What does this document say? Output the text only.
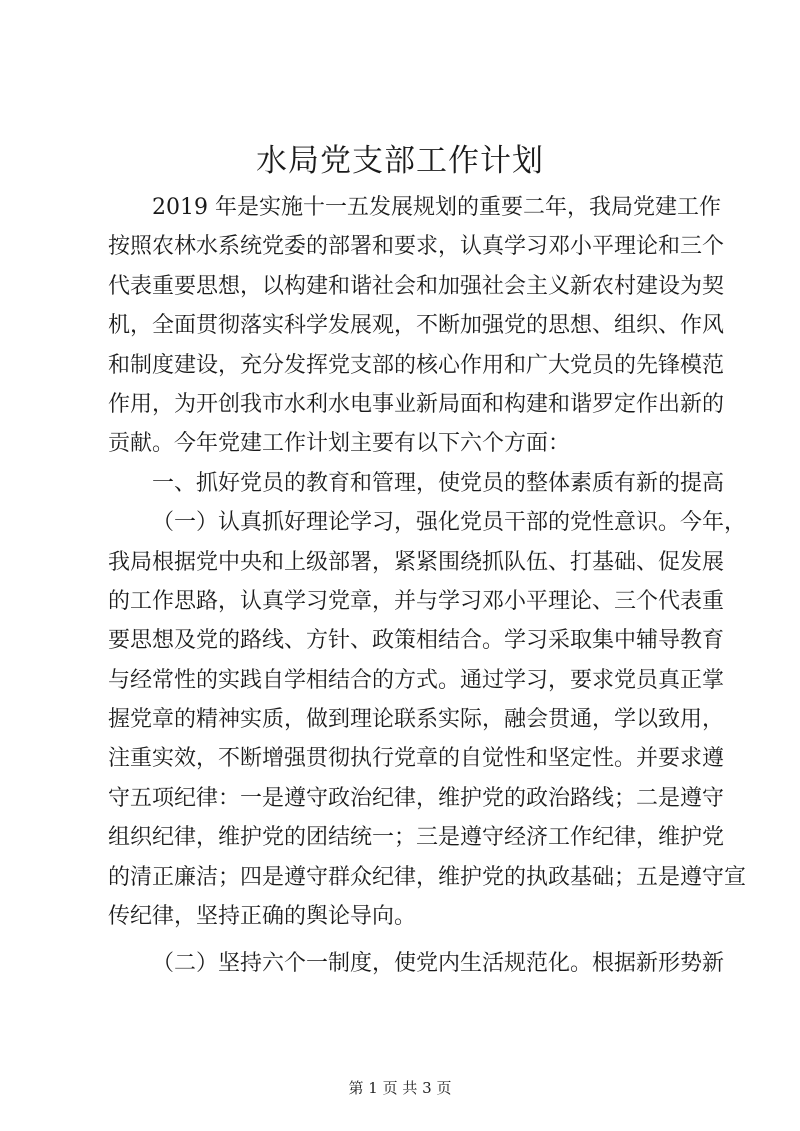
水局党支部工作计划
2019 年是实施十一五发展规划的重要二年，我局党建工作
按照农林水系统党委的部署和要求，认真学习邓小平理论和三个
代表重要思想，以构建和谐社会和加强社会主义新农村建设为契
机，全面贯彻落实科学发展观，不断加强党的思想、组织、作风
和制度建设，充分发挥党支部的核心作用和广大党员的先锋模范
作用，为开创我市水利水电事业新局面和构建和谐罗定作出新的
贡献。今年党建工作计划主要有以下六个方面：
一、抓好党员的教育和管理，使党员的整体素质有新的提高
（一）认真抓好理论学习，强化党员干部的党性意识。今年，
我局根据党中央和上级部署，紧紧围绕抓队伍、打基础、促发展
的工作思路，认真学习党章，并与学习邓小平理论、三个代表重
要思想及党的路线、方针、政策相结合。学习采取集中辅导教育
与经常性的实践自学相结合的方式。通过学习，要求党员真正掌
握党章的精神实质，做到理论联系实际，融会贯通，学以致用，
注重实效，不断增强贯彻执行党章的自觉性和坚定性。并要求遵
守五项纪律：一是遵守政治纪律，维护党的政治路线；二是遵守
组织纪律，维护党的团结统一；三是遵守经济工作纪律，维护党
的清正廉洁；四是遵守群众纪律，维护党的执政基础；五是遵守宣
传纪律，坚持正确的舆论导向。
（二）坚持六个一制度，使党内生活规范化。根据新形势新
第 1 页 共 3 页
